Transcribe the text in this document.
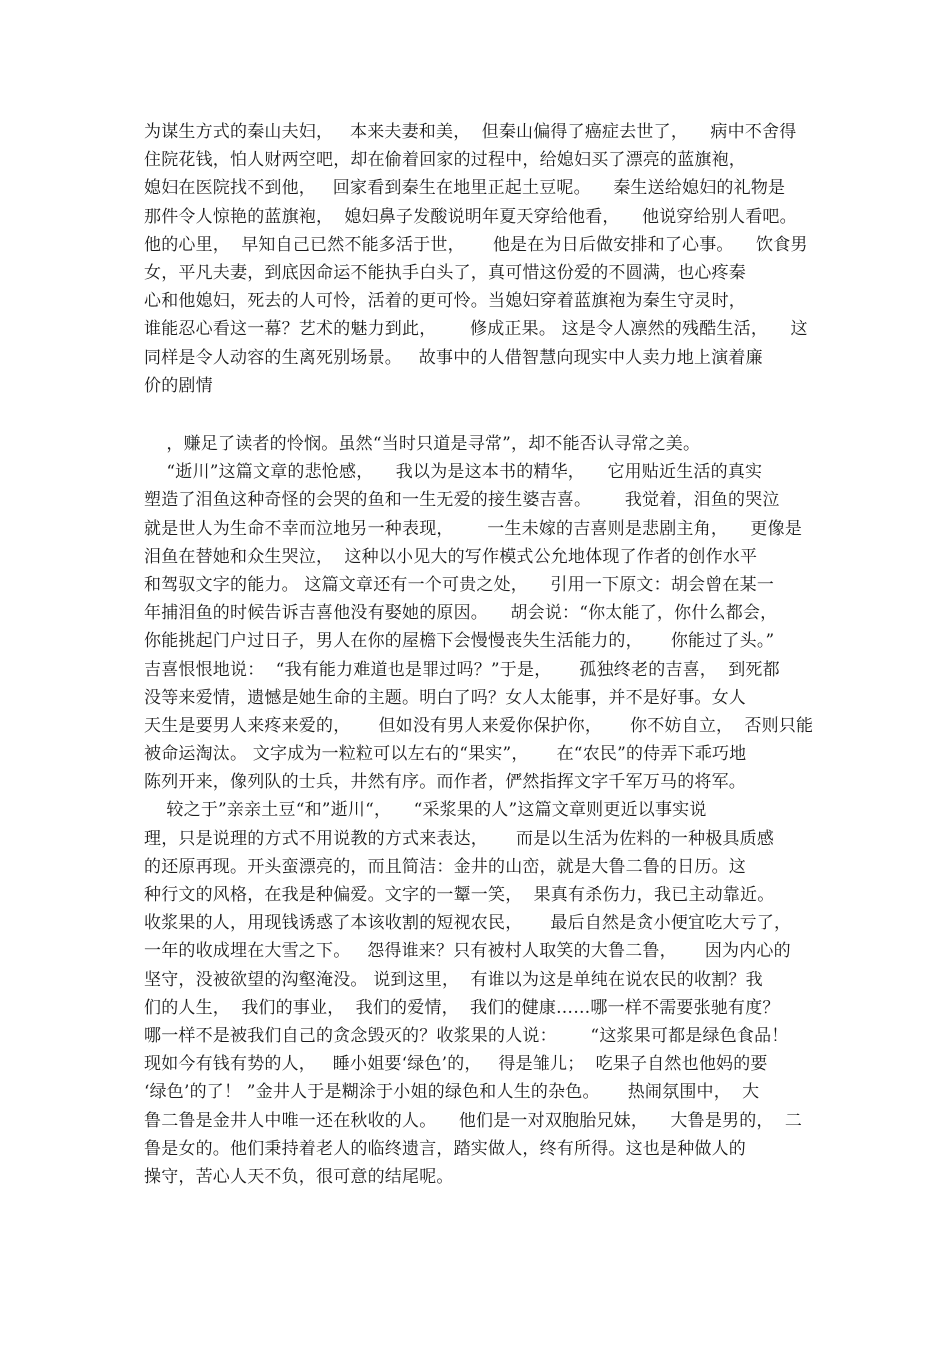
为谋生方式的秦山夫妇，   本来夫妻和美，  但秦山偏得了癌症去世了，    病中不舍得
住院花钱，怕人财两空吧，却在偷着回家的过程中，给媳妇买了漂亮的蓝旗袍，
媳妇在医院找不到他，   回家看到秦生在地里正起土豆呢。    秦生送给媳妇的礼物是
那件令人惊艳的蓝旗袍，  媳妇鼻子发酸说明年夏天穿给他看，    他说穿给别人看吧。
他的心里，  早知自己已然不能多活于世，     他是在为日后做安排和了心事。    饮食男
女，平凡夫妻，到底因命运不能执手白头了，真可惜这份爱的不圆满，也心疼秦
心和他媳妇，死去的人可怜，活着的更可怜。当媳妇穿着蓝旗袍为秦生守灵时，
谁能忍心看这一幕？艺术的魅力到此，      修成正果。 这是令人凛然的残酷生活，    这
同样是令人动容的生离死别场景。   故事中的人借智慧向现实中人卖力地上演着廉
价的剧情
，赚足了读者的怜悯。虽然“当时只道是寻常”，却不能否认寻常之美。
“逝川”这篇文章的悲怆感，    我以为是这本书的精华，    它用贴近生活的真实
塑造了泪鱼这种奇怪的会哭的鱼和一生无爱的接生婆吉喜。      我觉着，泪鱼的哭泣
就是世人为生命不幸而泣地另一种表现，      一生未嫁的吉喜则是悲剧主角，    更像是
泪鱼在替她和众生哭泣，  这种以小见大的写作模式公允地体现了作者的创作水平
和驾驭文字的能力。 这篇文章还有一个可贵之处，    引用一下原文：胡会曾在某一
年捕泪鱼的时候告诉吉喜他没有娶她的原因。    胡会说：“你太能了，你什么都会，
你能挑起门户过日子，男人在你的屋檐下会慢慢丧失生活能力的，     你能过了头。”
吉喜恨恨地说：  “我有能力难道也是罪过吗？”于是，     孤独终老的吉喜，  到死都
没等来爱情，遗憾是她生命的主题。明白了吗？女人太能事，并不是好事。女人
天生是要男人来疼来爱的，     但如没有男人来爱你保护你，     你不妨自立，  否则只能
被命运淘汰。 文字成为一粒粒可以左右的“果实”，     在“农民”的侍弄下乖巧地
陈列开来，像列队的士兵，井然有序。而作者，俨然指挥文字千军万马的将军。
较之于”亲亲土豆“和”逝川“，    “采浆果的人”这篇文章则更近以事实说
理，只是说理的方式不用说教的方式来表达，     而是以生活为佐料的一种极具质感
的还原再现。开头蛮漂亮的，而且简洁：金井的山峦，就是大鲁二鲁的日历。这
种行文的风格，在我是种偏爱。文字的一颦一笑，  果真有杀伤力，我已主动靠近。
收浆果的人，用现钱诱惑了本该收割的短视农民，     最后自然是贪小便宜吃大亏了，
一年的收成埋在大雪之下。   怨得谁来？只有被村人取笑的大鲁二鲁，     因为内心的
坚守，没被欲望的沟壑淹没。 说到这里，  有谁以为这是单纯在说农民的收割？我
们的人生，  我们的事业，  我们的爱情，  我们的健康……哪一样不需要张驰有度？
哪一样不是被我们自己的贪念毁灭的？收浆果的人说：      “这浆果可都是绿色食品！
现如今有钱有势的人，   睡小姐要‘绿色’的，   得是雏儿；  吃果子自然也他妈的要
‘绿色’的了！ ”金井人于是糊涂于小姐的绿色和人生的杂色。     热闹氛围中，  大
鲁二鲁是金井人中唯一还在秋收的人。    他们是一对双胞胎兄妹，    大鲁是男的，  二
鲁是女的。他们秉持着老人的临终遗言，踏实做人，终有所得。这也是种做人的
操守，苦心人天不负，很可意的结尾呢。
